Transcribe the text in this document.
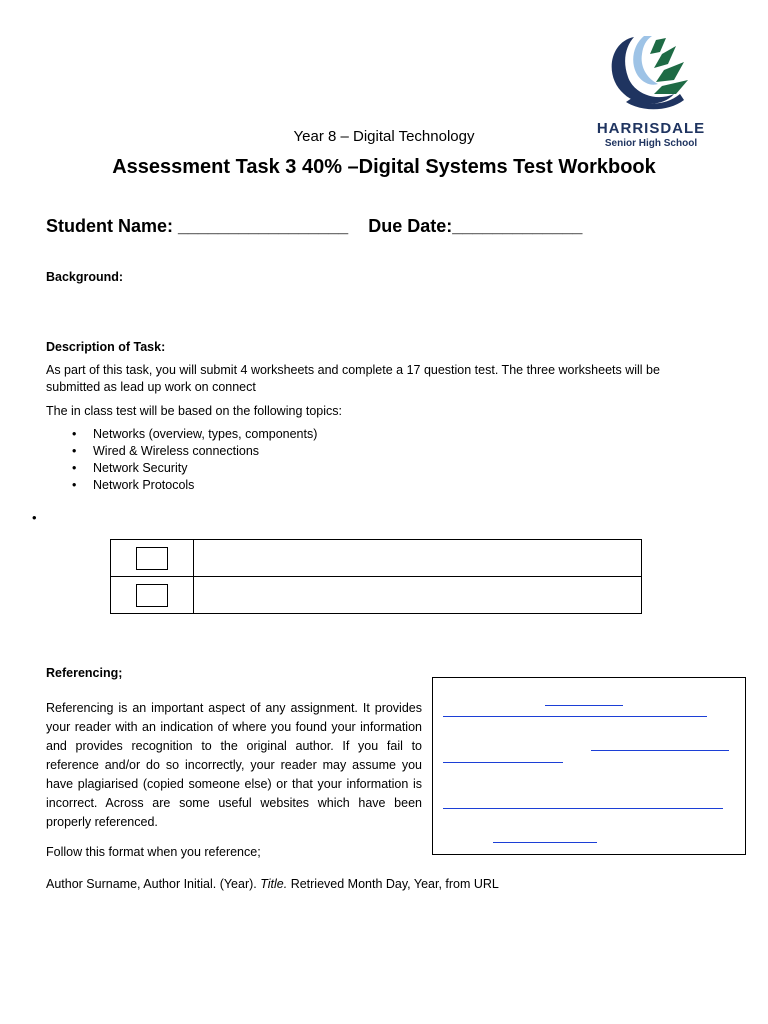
HARRISDALE
Senior High School
Year 8 – Digital Technology
Assessment Task 3 40% –Digital Systems Test Workbook
Student Name: _________________    Due Date:_____________
Background:
Description of Task:
As part of this task, you will submit 4 worksheets and complete a 17 question test. The three worksheets will be submitted as lead up work on connect
The in class test will be based on the following topics:
• Networks (overview, types, components)
• Wired & Wireless connections
• Network Security
• Network Protocols
•

Referencing;
Referencing is an important aspect of any assignment. It provides your reader with an indication of where you found your information and provides recognition to the original author. If you fail to reference and/or do so incorrectly, your reader may assume you have plagiarised (copied someone else) or that your information is incorrect. Across are some useful websites which have been properly referenced.
Follow this format when you reference;
Author Surname, Author Initial. (Year). Title. Retrieved Month Day, Year, from URL
